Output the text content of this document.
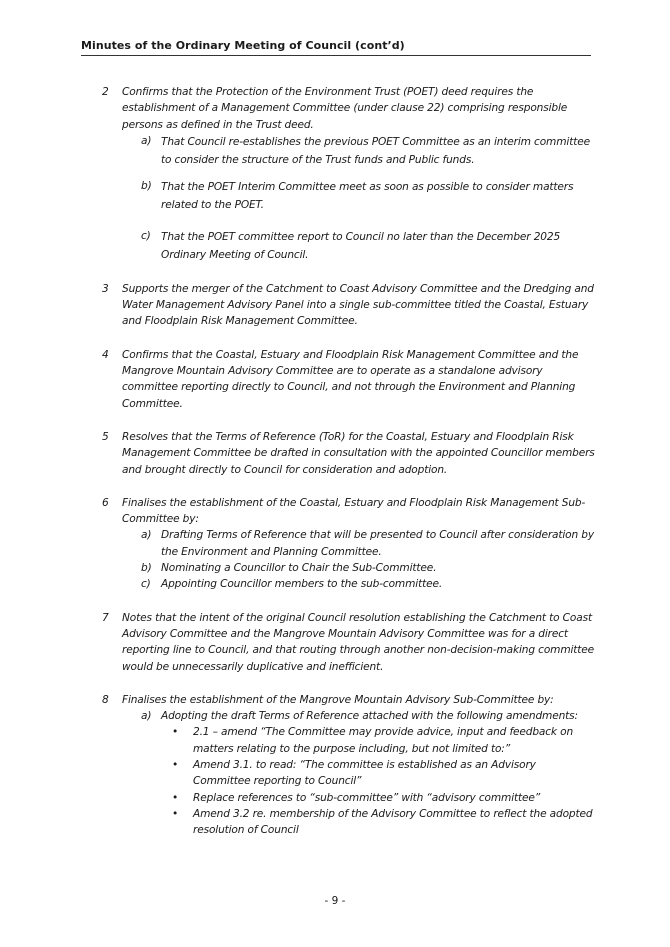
Minutes of the Ordinary Meeting of Council (cont’d)
2 Confirms that the Protection of the Environment Trust (POET) deed requires the establishment of a Management Committee (under clause 22) comprising responsible persons as defined in the Trust deed.
a) That Council re-establishes the previous POET Committee as an interim committee to consider the structure of the Trust funds and Public funds.
b) That the POET Interim Committee meet as soon as possible to consider matters related to the POET.
c) That the POET committee report to Council no later than the December 2025 Ordinary Meeting of Council.
3 Supports the merger of the Catchment to Coast Advisory Committee and the Dredging and Water Management Advisory Panel into a single sub-committee titled the Coastal, Estuary and Floodplain Risk Management Committee.
4 Confirms that the Coastal, Estuary and Floodplain Risk Management Committee and the Mangrove Mountain Advisory Committee are to operate as a standalone advisory committee reporting directly to Council, and not through the Environment and Planning Committee.
5 Resolves that the Terms of Reference (ToR) for the Coastal, Estuary and Floodplain Risk Management Committee be drafted in consultation with the appointed Councillor members and brought directly to Council for consideration and adoption.
6 Finalises the establishment of the Coastal, Estuary and Floodplain Risk Management Sub-Committee by:
a) Drafting Terms of Reference that will be presented to Council after consideration by the Environment and Planning Committee.
b) Nominating a Councillor to Chair the Sub-Committee.
c) Appointing Councillor members to the sub-committee.
7 Notes that the intent of the original Council resolution establishing the Catchment to Coast Advisory Committee and the Mangrove Mountain Advisory Committee was for a direct reporting line to Council, and that routing through another non-decision-making committee would be unnecessarily duplicative and inefficient.
8 Finalises the establishment of the Mangrove Mountain Advisory Sub-Committee by:
a) Adopting the draft Terms of Reference attached with the following amendments:
• 2.1 – amend “The Committee may provide advice, input and feedback on matters relating to the purpose including, but not limited to:”
• Amend 3.1. to read: “The committee is established as an Advisory Committee reporting to Council”
• Replace references to “sub-committee” with “advisory committee”
• Amend 3.2 re. membership of the Advisory Committee to reflect the adopted resolution of Council
- 9 -
